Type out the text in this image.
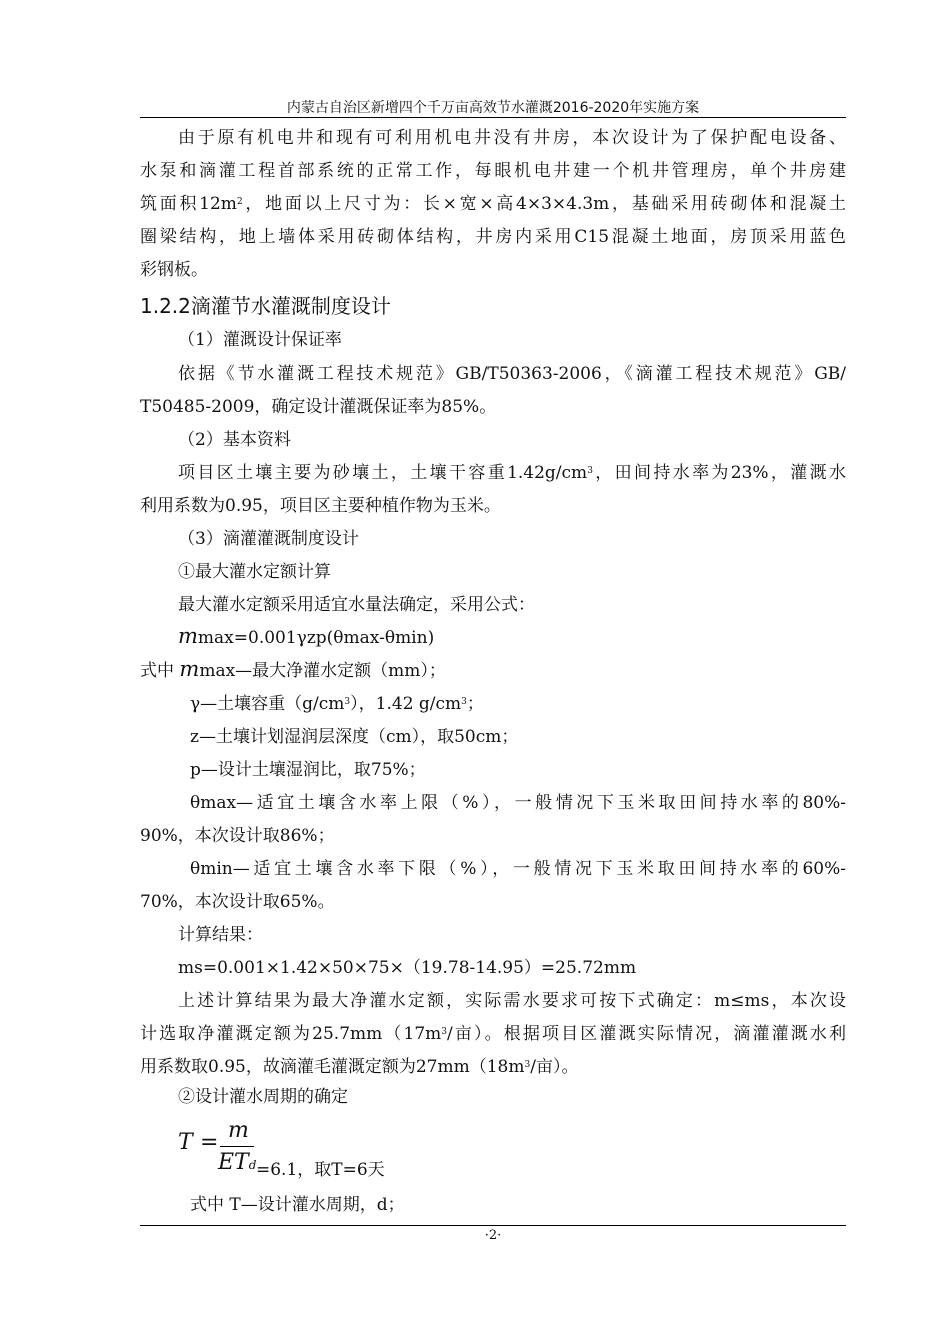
内蒙古自治区新增四个千万亩高效节水灌溉2016-2020年实施方案

由于原有机电井和现有可利用机电井没有井房，本次设计为了保护配电设备、

水泵和滴灌工程首部系统的正常工作，每眼机电井建一个机井管理房，单个井房建

筑面积$12m^2$，地面以上尺寸为：长×宽×高4×3×4.3m，基础采用砖砌体和混凝土

圈梁结构，地上墙体采用砖砌体结构，井房内采用C15混凝土地面，房顶采用蓝色

彩钢板。

1.2.2滴灌节水灌溉制度设计

（1）灌溉设计保证率

依据《节水灌溉工程技术规范》GB/T50363-2006，《滴灌工程技术规范》GB/

T50485-2009，确定设计灌溉保证率为85%。

（2）基本资料

项目区土壤主要为砂壤土，土壤干容重$1.42g/cm^3$，田间持水率为23%，灌溉水

利用系数为0.95，项目区主要种植作物为玉米。

（3）滴灌灌溉制度设计

①最大灌水定额计算

最大灌水定额采用适宜水量法确定，采用公式：

mmax=0.001γzp(θmax-θmin)

式中 mmax—最大净灌水定额（mm）；

γ—土壤容重$(g/cm^3)$，1.42 $g/cm^3$；

z—土壤计划湿润层深度（cm），取50cm；

p—设计土壤湿润比，取75%；

θmax—适宜土壤含水率上限（%），一般情况下玉米取田间持水率的80%-

90%，本次设计取86%；

θmin—适宜土壤含水率下限（%），一般情况下玉米取田间持水率的60%-

70%，本次设计取65%。

计算结果：

ms=0.001×1.42×50×75×（19.78-14.95）=25.72mm

上述计算结果为最大净灌水定额，实际需水要求可按下式确定：m≤ms，本次设

计选取净灌溉定额为$25.7mm(17m^3/$亩）。根据项目区灌溉实际情况，滴灌灌溉水利

用系数取0.95，故滴灌毛灌溉定额为$27mm(18m^3/$亩）。

②设计灌水周期的确定

T = m
ETd =6.1，取T=6天

式中 T—设计灌水周期，d；

·2·
